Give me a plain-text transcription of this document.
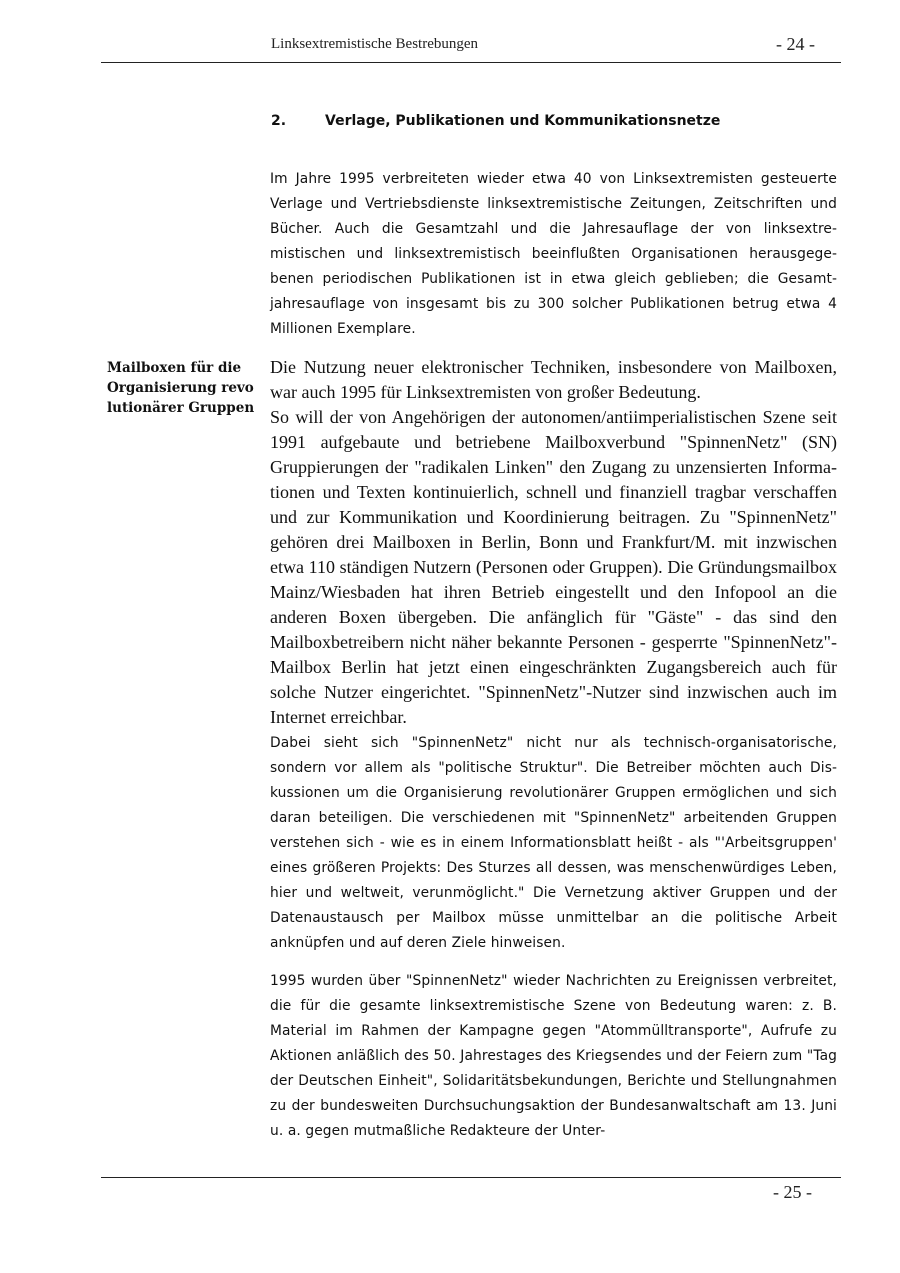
Linksextremistische Bestrebungen	- 24 -
2.	Verlage, Publikationen und Kommunikationsnetze

Im Jahre 1995 verbreiteten wieder etwa 40 von Linksextremisten gesteuerte Verlage und Vertriebsdienste linksextremistische Zeitungen, Zeitschriften und Bücher. Auch die Gesamtzahl und die Jahresauflage der von linksextremistischen und linksextremistisch beeinflußten Organisationen herausgegebenen periodischen Publikationen ist in etwa gleich geblieben; die Gesamtjahresauflage von insgesamt bis zu 300 solcher Publikationen betrug etwa 4 Millionen Exemplare.

Mailboxen für die
Organisierung revo
lutionärer Gruppen
Die Nutzung neuer elektronischer Techniken, insbesondere von Mailboxen, war auch 1995 für Linksextremisten von großer Bedeutung.
So will der von Angehörigen der autonomen/antiimperialistischen Szene seit 1991 aufgebaute und betriebene Mailboxverbund "SpinnenNetz" (SN) Gruppierungen der "radikalen Linken" den Zugang zu unzensierten Informationen und Texten kontinuierlich, schnell und finanziell tragbar verschaffen und zur Kommunikation und Koordinierung beitragen. Zu "SpinnenNetz" gehören drei Mailboxen in Berlin, Bonn und Frankfurt/M. mit inzwischen etwa 110 ständigen Nutzern (Personen oder Gruppen). Die Gründungsmailbox Mainz/Wiesbaden hat ihren Betrieb eingestellt und den Infopool an die anderen Boxen übergeben. Die anfänglich für "Gäste" - das sind den Mailboxbetreibern nicht näher bekannte Personen - gesperrte "SpinnenNetz"-Mailbox Berlin hat jetzt einen eingeschränkten Zugangsbereich auch für solche Nutzer eingerichtet. "SpinnenNetz"-Nutzer sind inzwischen auch im Internet erreichbar.

Dabei sieht sich "SpinnenNetz" nicht nur als technisch-organisatorische, sondern vor allem als "politische Struktur". Die Betreiber möchten auch Diskussionen um die Organisierung revolutionärer Gruppen ermöglichen und sich daran beteiligen. Die verschiedenen mit "SpinnenNetz" arbeitenden Gruppen verstehen sich - wie es in einem Informationsblatt heißt - als "'Arbeitsgruppen' eines größeren Projekts: Des Sturzes all dessen, was menschenwürdiges Leben, hier und weltweit, verunmöglicht." Die Vernetzung aktiver Gruppen und der Datenaustausch per Mailbox müsse unmittelbar an die politische Arbeit anknüpfen und auf deren Ziele hinweisen.

1995 wurden über "SpinnenNetz" wieder Nachrichten zu Ereignissen verbreitet, die für die gesamte linksextremistische Szene von Bedeutung waren: z. B. Material im Rahmen der Kampagne gegen "Atommülltransporte", Aufrufe zu Aktionen anläßlich des 50. Jahrestages des Kriegsendes und der Feiern zum "Tag der Deutschen Einheit", Solidaritätsbekundungen, Berichte und Stellungnahmen zu der bundesweiten Durchsuchungsaktion der Bundesanwaltschaft am 13. Juni u. a. gegen mutmaßliche Redakteure der Unter-

- 25 -
